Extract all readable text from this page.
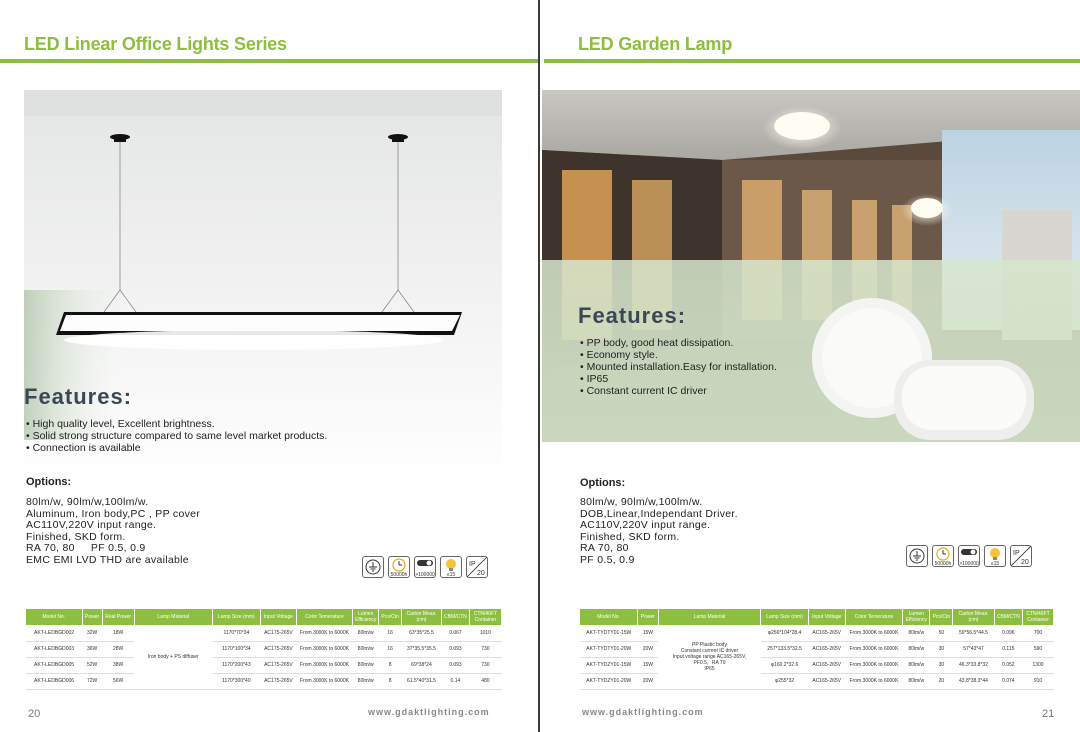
LED Linear Office Lights Series
Features:
• High quality level, Excellent brightness.
• Solid strong structure compared to same level market products.
• Connection is available
Options:
80lm/w, 90lm/w,100lm/w.
Aluminum, Iron body,PC , PP cover
AC110V,220V input range.
Finished, SKD form.
RA 70, 80     PF 0.5, 0.9
EMC EMI LVD THD are available
50000h	>100000	≤15
IP
20
Model No.	Power	Real Power	Lamp Material	Lamp Size (mm)	Input Voltage	Color Temerature	Lumen Efficiency	Pcs/Ctn	Carton Meas.(cm)	CBM/CTN	CTN/40FT Container
AKT-LEDBGD002	32W	18W	Iron body + PS diffuser	1170*70*34	AC175-265V	From 3000K to 6000K	80lm/w	16	63*35*25.5	0.067	1010
AKT-LEDBGD003	36W	28W		1170*100*34	AC175-265V	From 3000K to 6000K	80lm/w	16	37*35.5*35.5	0.093	730
AKT-LEDBGD005	52W	38W		1170*200*43	AC175-265V	From 3000K to 6000K	80lm/w	8	69*38*24	0.093	730
AKT-LEDBGD006	72W	56W		1170*300*40	AC175-265V	From 3000K to 6000K	80lm/w	8	61.5*40*31.5	0.14	480
20	www.gdaktlighting.com
LED Garden Lamp
Features:
• PP body, good heat dissipation.
• Economy style.
• Mounted installation.Easy for installation.
• IP65
• Constant current IC driver
Options:
80lm/w, 90lm/w,100lm/w.
DOB,Linear,Independant Driver.
AC110V,220V input range.
Finished, SKD form.
RA 70, 80
PF 0.5, 0.9	50000h	>100000	≤15
IP
20
Model No.	Power	Lamp Material	Lamp Size (mm)	Input Voltage	Color Temerature	Lumen Efficiency	Pcs/Ctn	Carton Meas.(cm)	CBM/CTN	CTN/40FT Container
AKT-TYDTY01-15W	15W	PP Plastic body
Constant current IC driver
Input voltage range AC165-265V,
PF0.5，RA 70
IP65	φ256*104*28.4	AC165-265V	From 3000K to 6000K	80lm/w	50	59*56.5*44.5	0.096	700
AKT-TYDTY01-20W	20W		257*133.5*32.5	AC165-265V	From 3000K to 6000K	80lm/w	30	57*43*47	0.115	590
AKT-TYDZY01-15W	15W		φ160.2*32.6	AC165-265V	From 3000K to 6000K	80lm/w	30	46.3*33.8*32	0.052	1300
AKT-TYDZY01-20W	20W		φ255*32	AC165-265V	From 3000K to 6000K	80lm/w	20	43.8*38.3*44	0.074	910
21
www.gdaktlighting.com
